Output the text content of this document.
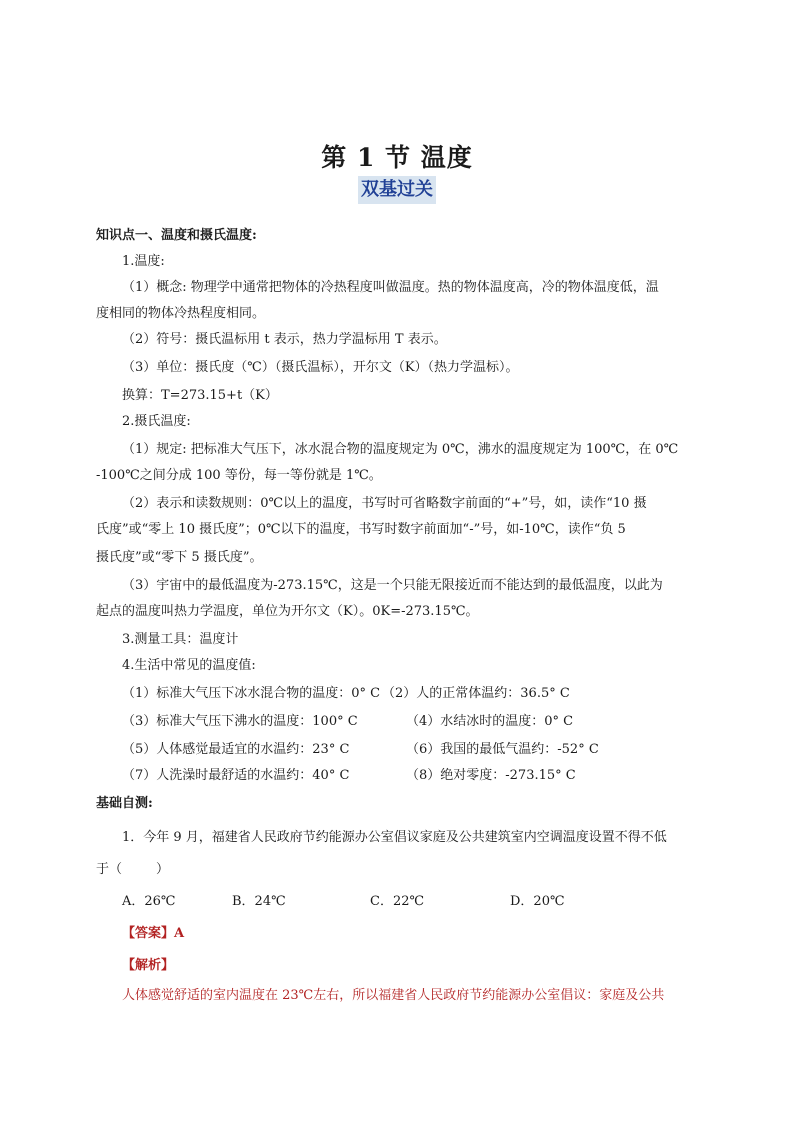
第 1 节 温度
双基过关
知识点一、温度和摄氏温度:
1.温度:
（1）概念: 物理学中通常把物体的冷热程度叫做温度。热的物体温度高，冷的物体温度低，温
度相同的物体冷热程度相同。
（2）符号：摄氏温标用 t 表示，热力学温标用 T 表示。
（3）单位：摄氏度（℃）（摄氏温标），开尔文（K）（热力学温标）。
换算：T=273.15+t（K）
2.摄氏温度:
（1）规定: 把标准大气压下，冰水混合物的温度规定为 0℃，沸水的温度规定为 100℃，在 0℃
-100℃之间分成 100 等份，每一等份就是 1℃。
（2）表示和读数规则：0℃以上的温度，书写时可省略数字前面的“+”号，如，读作“10 摄
氏度”或“零上 10 摄氏度”；0℃以下的温度，书写时数字前面加“-”号，如-10℃，读作“负 5
摄氏度”或“零下 5 摄氏度”。
（3）宇宙中的最低温度为-273.15℃，这是一个只能无限接近而不能达到的最低温度，以此为
起点的温度叫热力学温度，单位为开尔文（K）。0K=-273.15℃。
3.测量工具：温度计
4.生活中常见的温度值:
（1）标准大气压下冰水混合物的温度：0° C （2）人的正常体温约：36.5° C
（3）标准大气压下沸水的温度：100° C	（4）水结冰时的温度：0° C
（5）人体感觉最适宜的水温约：23° C	（6）我国的最低气温约：-52° C
（7）人洗澡时最舒适的水温约：40° C	（8）绝对零度：-273.15° C
基础自测:
1．今年 9 月，福建省人民政府节约能源办公室倡议家庭及公共建筑室内空调温度设置不得不低
于（	）
A．26℃	B．24℃	C．22℃	D．20℃
【答案】A
【解析】
人体感觉舒适的室内温度在 23℃左右，所以福建省人民政府节约能源办公室倡议：家庭及公共
